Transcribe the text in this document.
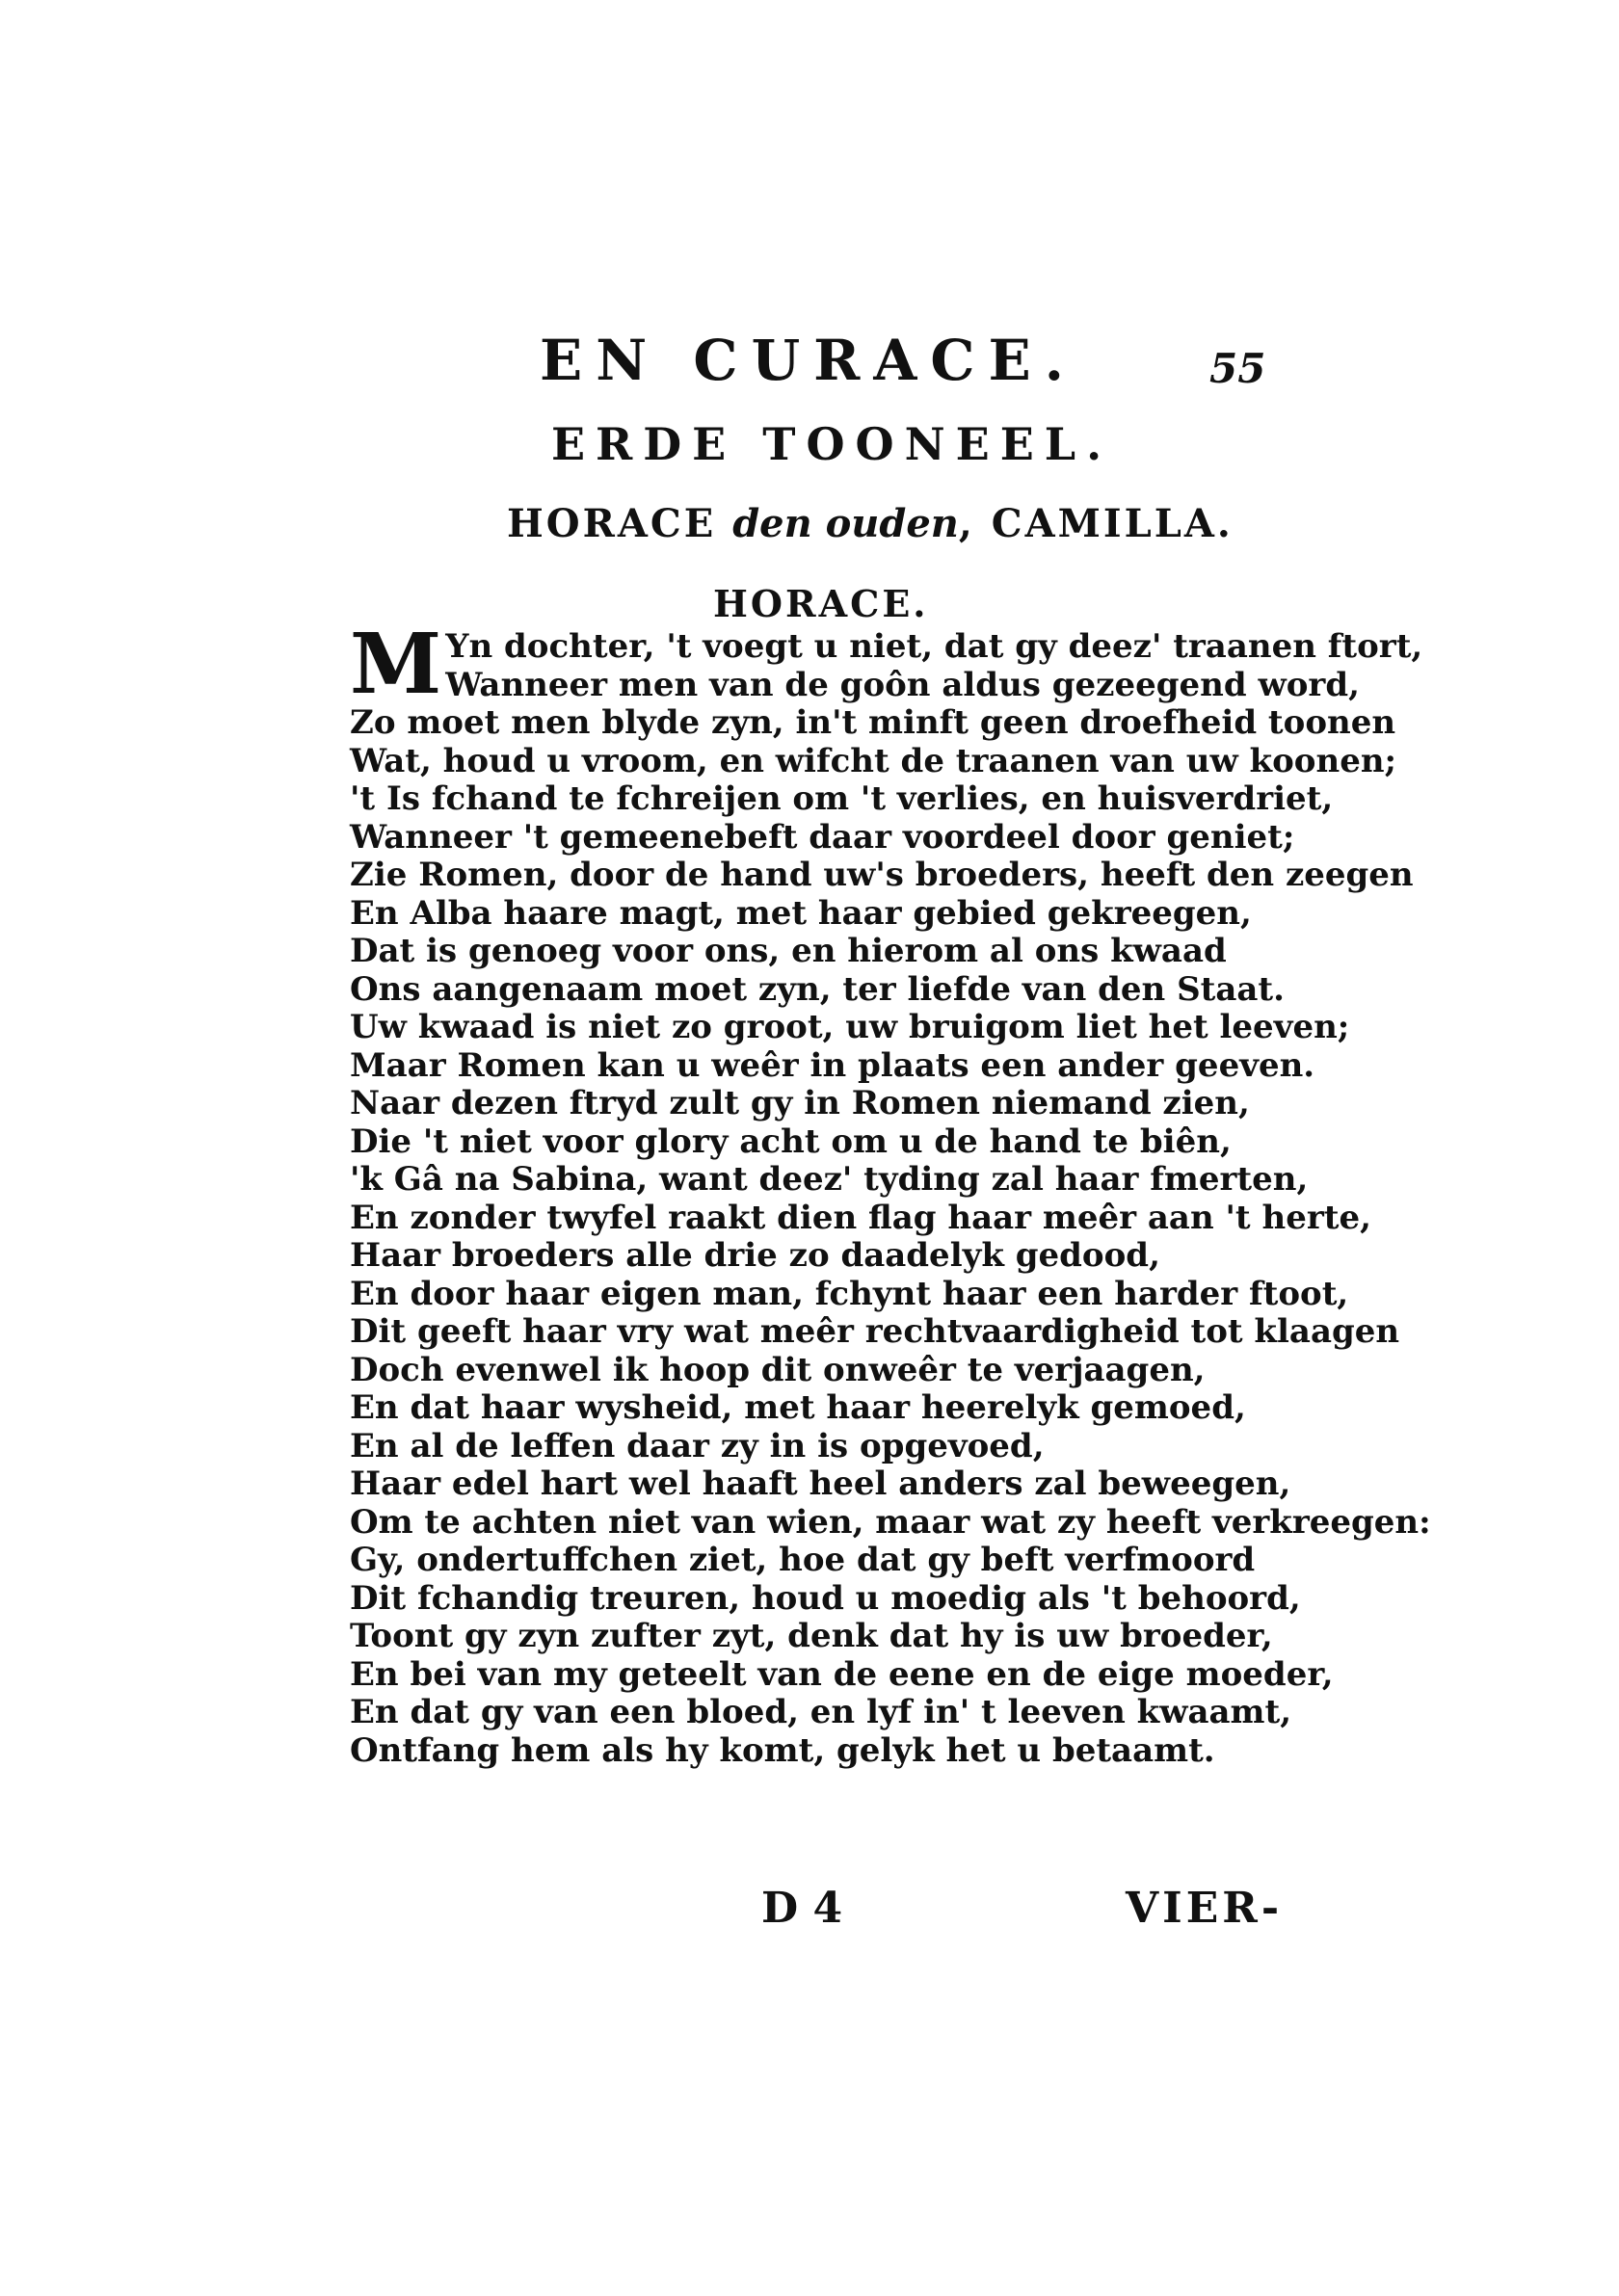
EN CURACE.	55
ERDE TOONEEL.
HORACE den ouden, CAMILLA.
HORACE.
M Yn dochter, 't voegt u niet, dat gy deez' traanen ftort,
Wanneer men van de goôn aldus gezeegend word,
Zo moet men blyde zyn, in't minft geen droefheid toonen
Wat, houd u vroom, en wifcht de traanen van uw koonen;
't Is fchand te fchreijen om 't verlies, en huisverdriet,
Wanneer 't gemeenebeft daar voordeel door geniet;
Zie Romen, door de hand uw's broeders, heeft den zeegen
En Alba haare magt, met haar gebied gekreegen,
Dat is genoeg voor ons, en hierom al ons kwaad
Ons aangenaam moet zyn, ter liefde van den Staat.
Uw kwaad is niet zo groot, uw bruigom liet het leeven;
Maar Romen kan u weêr in plaats een ander geeven.
Naar dezen ftryd zult gy in Romen niemand zien,
Die 't niet voor glory acht om u de hand te biên,
'k Gâ na Sabina, want deez' tyding zal haar fmerten,
En zonder twyfel raakt dien flag haar meêr aan 't herte,
Haar broeders alle drie zo daadelyk gedood,
En door haar eigen man, fchynt haar een harder ftoot,
Dit geeft haar vry wat meêr rechtvaardigheid tot klaagen
Doch evenwel ik hoop dit onweêr te verjaagen,
En dat haar wysheid, met haar heerelyk gemoed,
En al de leffen daar zy in is opgevoed,
Haar edel hart wel haaft heel anders zal beweegen,
Om te achten niet van wien, maar wat zy heeft verkreegen:
Gy, ondertuffchen ziet, hoe dat gy beft verfmoord
Dit fchandig treuren, houd u moedig als 't behoord,
Toont gy zyn zufter zyt, denk dat hy is uw broeder,
En bei van my geteelt van de eene en de eige moeder,
En dat gy van een bloed, en lyf in' t leeven kwaamt,
Ontfang hem als hy komt, gelyk het u betaamt.
D 4	VIER-
